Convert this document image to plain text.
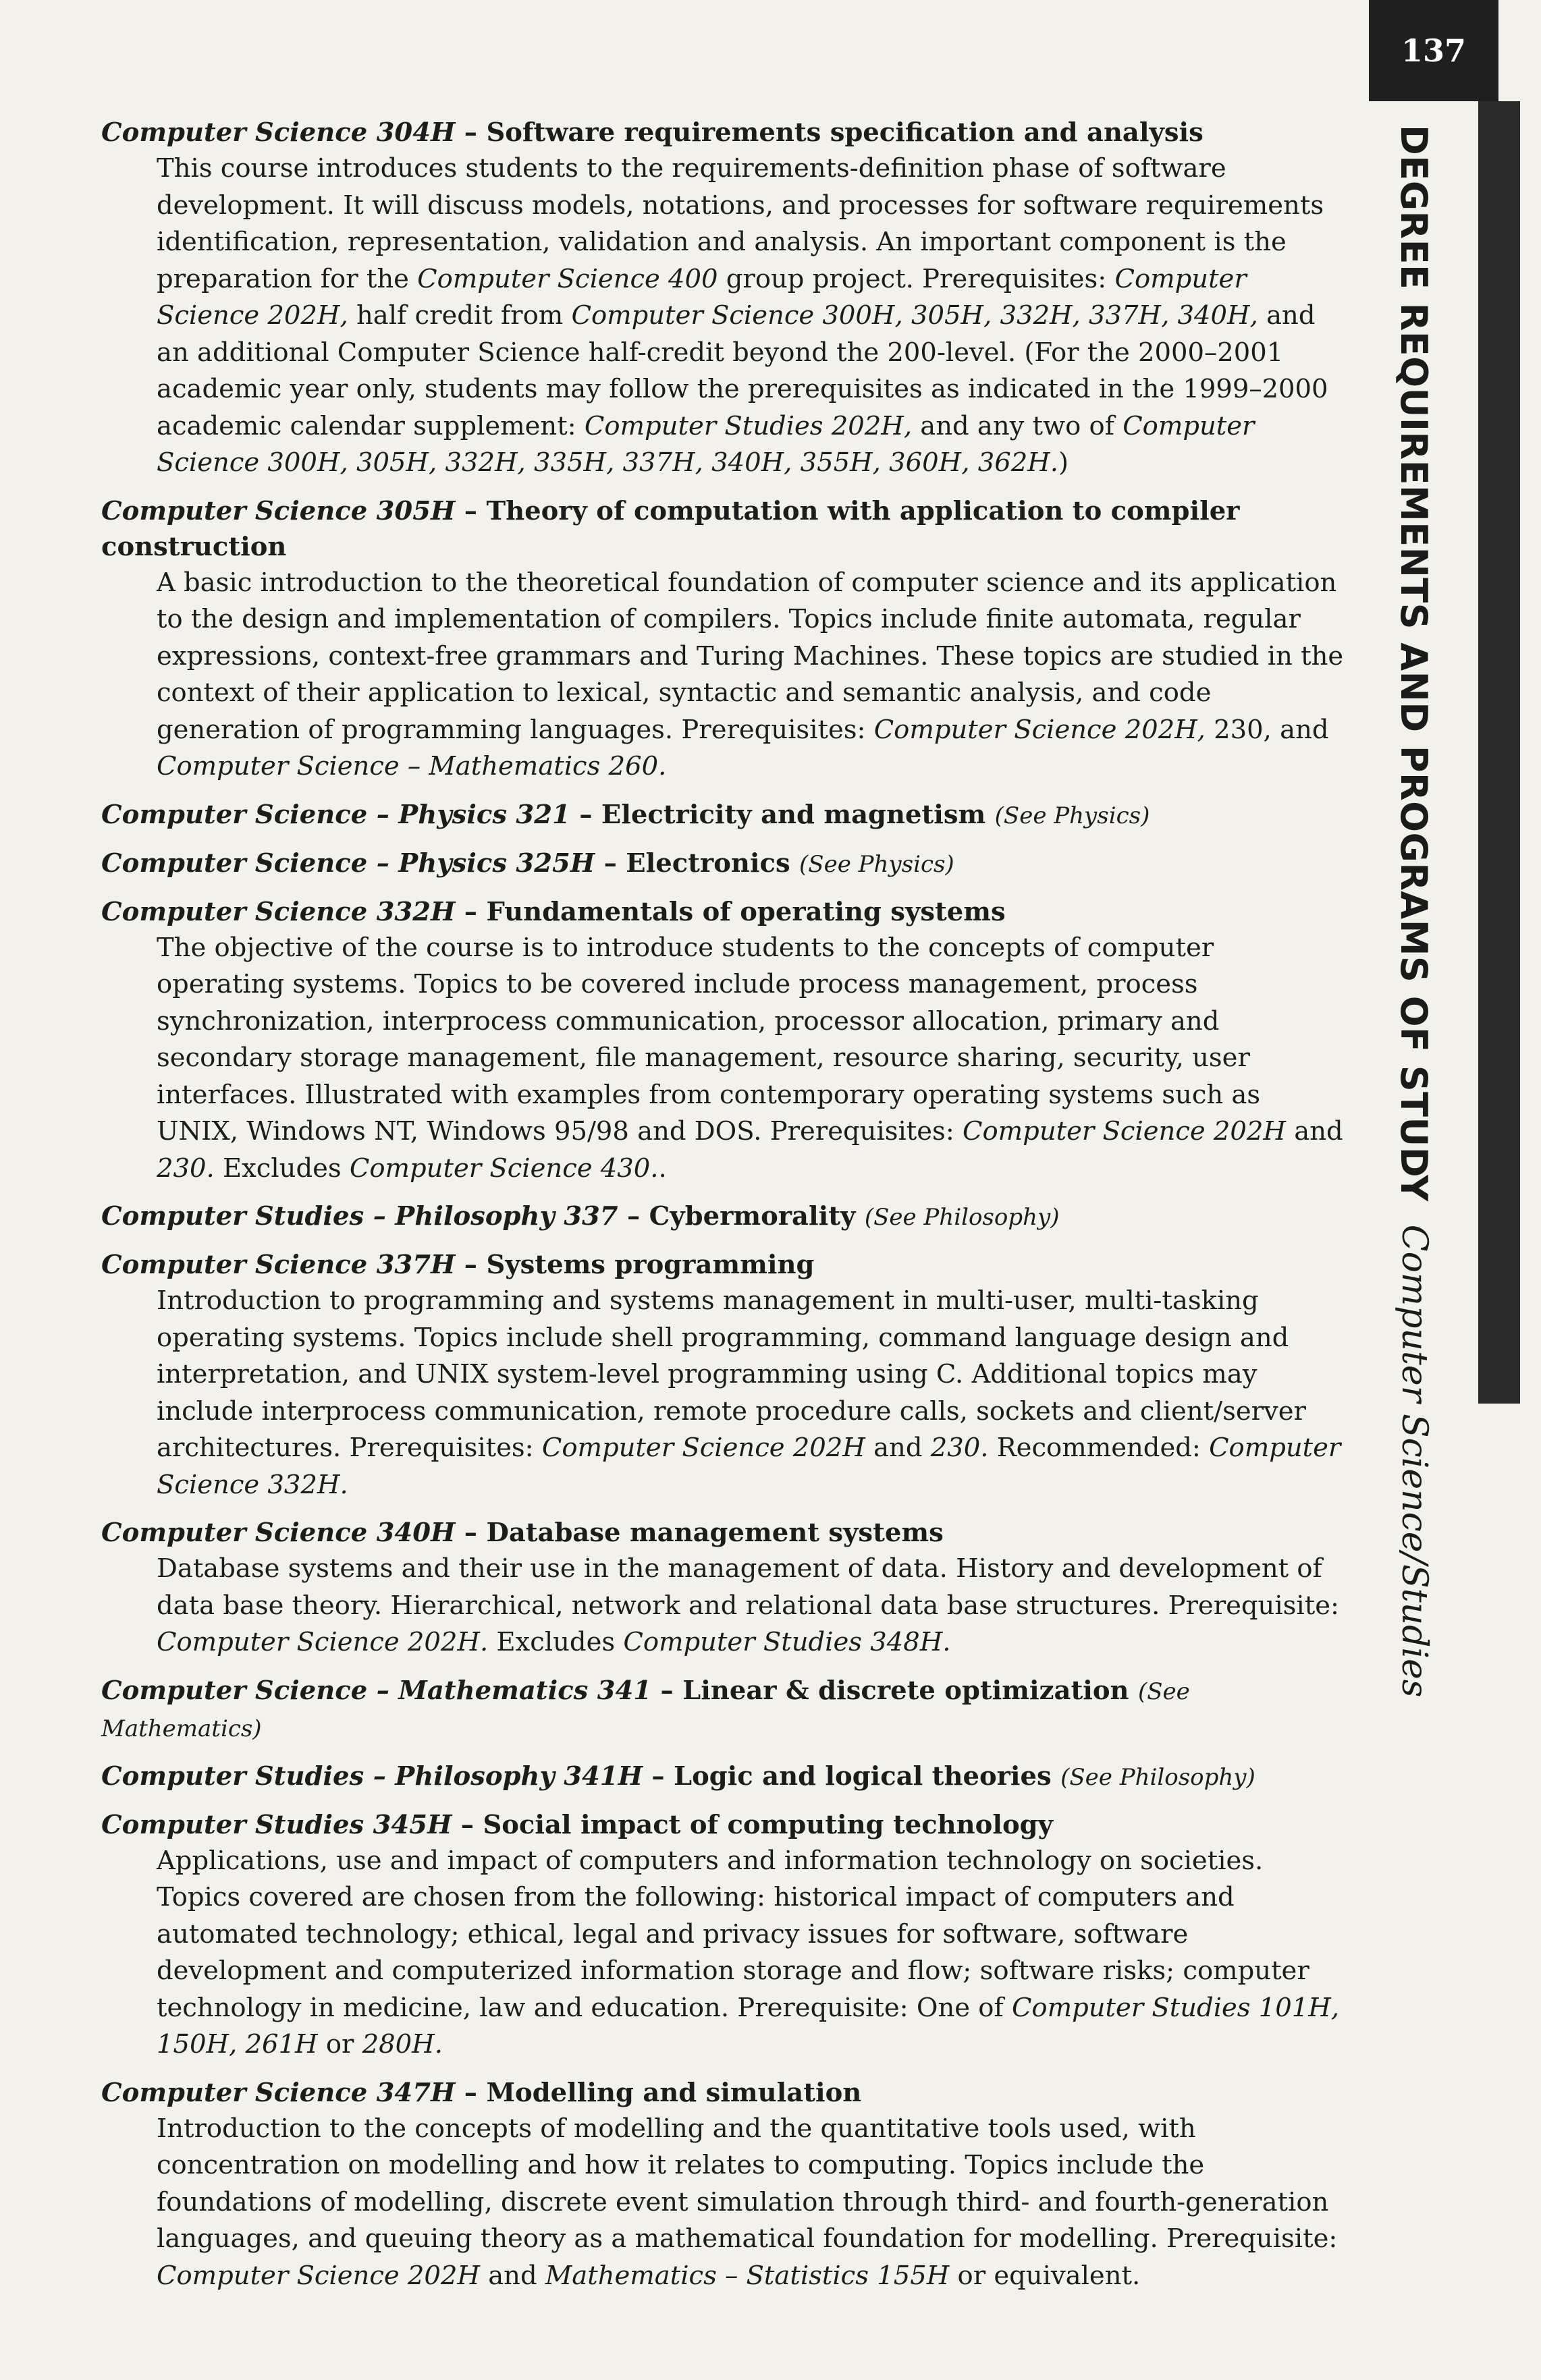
137
DEGREE REQUIREMENTS AND PROGRAMS OF STUDY
Computer Science/Studies
Computer Science 304H – Software requirements specification and analysis
This course introduces students to the requirements-definition phase of software development. It will discuss models, notations, and processes for software requirements identification, representation, validation and analysis. An important component is the preparation for the Computer Science 400 group project. Prerequisites: Computer Science 202H, half credit from Computer Science 300H, 305H, 332H, 337H, 340H, and an additional Computer Science half-credit beyond the 200-level. (For the 2000–2001 academic year only, students may follow the prerequisites as indicated in the 1999–2000 academic calendar supplement: Computer Studies 202H, and any two of Computer Science 300H, 305H, 332H, 335H, 337H, 340H, 355H, 360H, 362H.)
Computer Science 305H – Theory of computation with application to compiler construction
A basic introduction to the theoretical foundation of computer science and its application to the design and implementation of compilers. Topics include finite automata, regular expressions, context-free grammars and Turing Machines. These topics are studied in the context of their application to lexical, syntactic and semantic analysis, and code generation of programming languages. Prerequisites: Computer Science 202H, 230, and Computer Science – Mathematics 260.
Computer Science – Physics 321 – Electricity and magnetism (See Physics)
Computer Science – Physics 325H – Electronics (See Physics)
Computer Science 332H – Fundamentals of operating systems
The objective of the course is to introduce students to the concepts of computer operating systems. Topics to be covered include process management, process synchronization, interprocess communication, processor allocation, primary and secondary storage management, file management, resource sharing, security, user interfaces. Illustrated with examples from contemporary operating systems such as UNIX, Windows NT, Windows 95/98 and DOS. Prerequisites: Computer Science 202H and 230. Excludes Computer Science 430..
Computer Studies – Philosophy 337 – Cybermorality (See Philosophy)
Computer Science 337H – Systems programming
Introduction to programming and systems management in multi-user, multi-tasking operating systems. Topics include shell programming, command language design and interpretation, and UNIX system-level programming using C. Additional topics may include interprocess communication, remote procedure calls, sockets and client/server architectures. Prerequisites: Computer Science 202H and 230. Recommended: Computer Science 332H.
Computer Science 340H – Database management systems
Database systems and their use in the management of data. History and development of data base theory. Hierarchical, network and relational data base structures. Prerequisite: Computer Science 202H. Excludes Computer Studies 348H.
Computer Science – Mathematics 341 – Linear & discrete optimization (See Mathematics)
Computer Studies – Philosophy 341H – Logic and logical theories (See Philosophy)
Computer Studies 345H – Social impact of computing technology
Applications, use and impact of computers and information technology on societies. Topics covered are chosen from the following: historical impact of computers and automated technology; ethical, legal and privacy issues for software, software development and computerized information storage and flow; software risks; computer technology in medicine, law and education. Prerequisite: One of Computer Studies 101H, 150H, 261H or 280H.
Computer Science 347H – Modelling and simulation
Introduction to the concepts of modelling and the quantitative tools used, with concentration on modelling and how it relates to computing. Topics include the foundations of modelling, discrete event simulation through third- and fourth-generation languages, and queuing theory as a mathematical foundation for modelling. Prerequisite: Computer Science 202H and Mathematics – Statistics 155H or equivalent.
